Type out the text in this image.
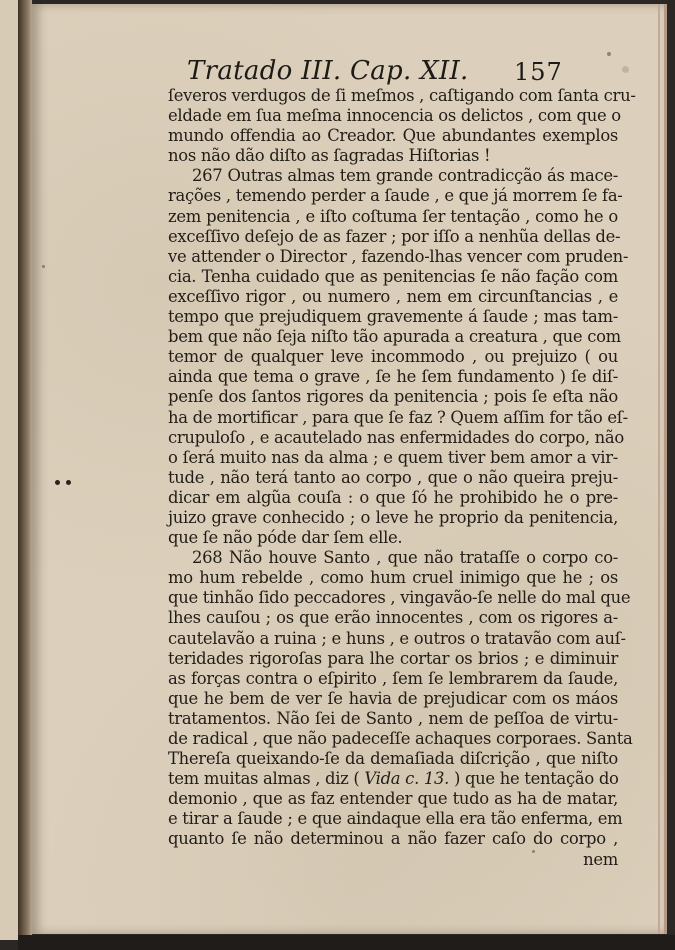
Tratado III. Cap. XII. 157
ſeveros verdugos de ſi meſmos , caſtigando com ſanta cru-
eldade em ſua meſma innocencia os delictos , com que o
mundo offendia ao Creador. Que abundantes exemplos
nos não dão diſto as ſagradas Hiſtorias !
267 Outras almas tem grande contradicção ás mace-
rações , temendo perder a ſaude , e que já morrem ſe fa-
zem penitencia , e iſto coſtuma ſer tentação , como he o
exceſſivo deſejo de as fazer ; por iſſo a nenhũa dellas de-
ve attender o Director , fazendo-lhas vencer com pruden-
cia. Tenha cuidado que as penitencias ſe não fação com
exceſſivo rigor , ou numero , nem em circunſtancias , e
tempo que prejudiquem gravemente á ſaude ; mas tam-
bem que não ſeja niſto tão apurada a creatura , que com
temor de qualquer leve incommodo , ou prejuizo ( ou
ainda que tema o grave , ſe he ſem fundamento ) ſe diſ-
penſe dos ſantos rigores da penitencia ; pois ſe eſta não
ha de mortificar , para que ſe faz ? Quem aſſim for tão eſ-
crupuloſo , e acautelado nas enfermidades do corpo, não
o ſerá muito nas da alma ; e quem tiver bem amor a vir-
tude , não terá tanto ao corpo , que o não queira preju-
dicar em algũa couſa : o que ſó he prohibido he o pre-
juizo grave conhecido ; o leve he proprio da penitencia,
que ſe não póde dar ſem elle.
268 Não houve Santo , que não trataſſe o corpo co-
mo hum rebelde , como hum cruel inimigo que he ; os
que tinhão ſido peccadores , vingavão-ſe nelle do mal que
lhes cauſou ; os que erão innocentes , com os rigores a-
cautelavão a ruina ; e huns , e outros o tratavão com auſ-
teridades rigoroſas para lhe cortar os brios ; e diminuir
as forças contra o eſpirito , ſem ſe lembrarem da ſaude,
que he bem de ver ſe havia de prejudicar com os máos
tratamentos. Não ſei de Santo , nem de peſſoa de virtu-
de radical , que não padeceſſe achaques corporaes. Santa
Thereſa queixando-ſe da demaſiada diſcrição , que niſto
tem muitas almas , diz ( Vida c. 13. ) que he tentação do
demonio , que as faz entender que tudo as ha de matar,
e tirar a ſaude ; e que aindaque ella era tão enferma, em
quanto ſe não determinou a não fazer caſo do corpo ,
nem
